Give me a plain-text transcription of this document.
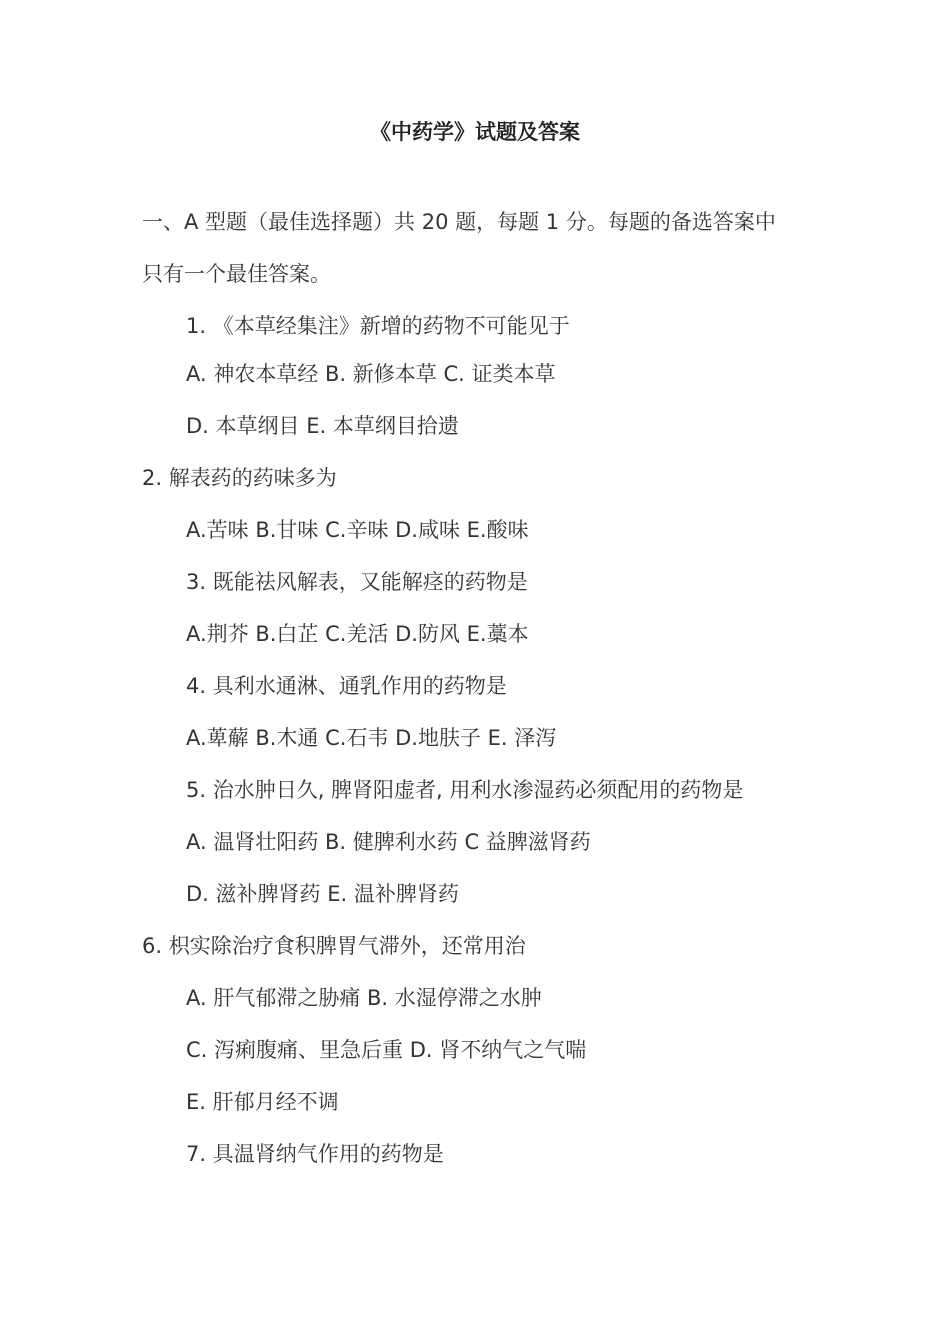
《中药学》试题及答案
一、A 型题（最佳选择题）共 20 题，每题 1 分。每题的备选答案中
只有一个最佳答案。
1. 《本草经集注》新增的药物不可能见于
A. 神农本草经 B. 新修本草 C. 证类本草
D. 本草纲目 E. 本草纲目拾遗
2. 解表药的药味多为
A.苦味 B.甘味 C.辛味 D.咸味 E.酸味
3. 既能祛风解表，又能解痉的药物是
A.荆芥 B.白芷 C.羌活 D.防风 E.藁本
4. 具利水通淋、通乳作用的药物是
A.萆薢 B.木通 C.石韦 D.地肤子 E. 泽泻
5. 治水肿日久, 脾肾阳虚者, 用利水渗湿药必须配用的药物是
A. 温肾壮阳药 B. 健脾利水药 C 益脾滋肾药
D. 滋补脾肾药 E. 温补脾肾药
6. 枳实除治疗食积脾胃气滞外，还常用治
A. 肝气郁滞之胁痛 B. 水湿停滞之水肿
C. 泻痢腹痛、里急后重 D. 肾不纳气之气喘
E. 肝郁月经不调
7. 具温肾纳气作用的药物是
